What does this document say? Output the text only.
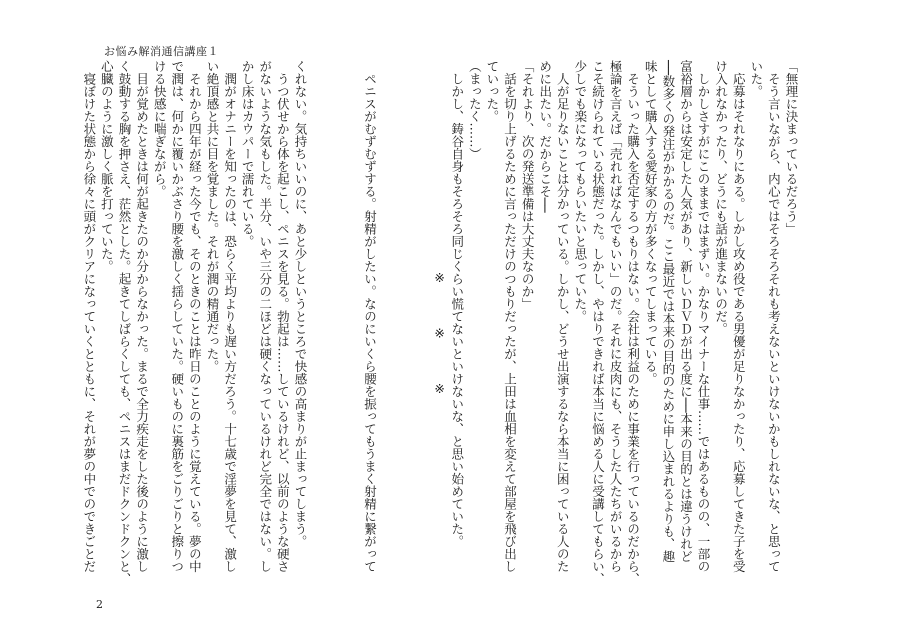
お悩み解消通信講座１

「無理に決まっているだろう」

　そう言いながら、内心ではそろそろそれも考えないといけないかもしれないな、と思って

いた。

　応募はそれなりにある。しかし攻め役である男優が足りなかったり、応募してきた子を受

け入れなかったり、どうにも話が進まないのだ。

　しかしさすがにこのままではまずい。かなりマイナーな仕事……ではあるものの、一部の

富裕層からは安定した人気があり、新しいＤＶＤが出る度に──本来の目的とは違うけれど

──数多くの発注がかかるのだ。ここ最近では本来の目的のために申し込まれるよりも、趣

味として購入する愛好家の方が多くなってしまっている。

　そういった購入を否定するつもりはない。会社は利益のために事業を行っているのだから、

極論を言えば「売れればなんでもいい」のだ。それに皮肉にも、そうした人たちがいるから

こそ続けられている状態だった。しかし、やはりできれば本当に悩める人に受講してもらい、

少しでも楽になってもらいたいと思っていた。

　人が足りないことは分かっている。しかし、どうせ出演するなら本当に困っている人のた

めに出たい。だからこそ──

「それより、次の発送準備は大丈夫なのか」

　話を切り上げるために言っただけのつもりだったが、上田は血相を変えて部屋を飛び出し

ていった。

（まったく……）

　しかし、鋳谷自身もそろそろ同じくらい慌てないといけないな、と思い始めていた。

※　※　※

　ペニスがむずむずする。射精がしたい。なのにいくら腰を振ってもうまく射精に繋がって

くれない。気持ちいいのに、あと少しというところで快感の高まりが止まってしまう。

　うつ伏せから体を起こし、ペニスを見る。勃起は……しているけれど、以前のような硬さ

がないような気もした。半分、いや三分の二ほどは硬くなっているけれど完全ではない。し

かし床はカウパーで濡れている。

　潤がオナニーを知ったのは、恐らく平均よりも遅い方だろう。十七歳で淫夢を見て、激し

い絶頂感と共に目を覚ました。それが潤の精通だった。

　それから四年が経った今でも、そのときのことは昨日のことのように覚えている。夢の中

で潤は、何かに覆いかぶさり腰を激しく揺らしていた。硬いものに裏筋をごりごりと擦りつ

ける快感に喘ぎながら。

　目が覚めたときは何が起きたのか分からなかった。まるで全力疾走をした後のように激し

く鼓動する胸を押さえ、茫然とした。起きてしばらくしても、ペニスはまだドクンドクンと、

心臓のように激しく脈を打っていた。

　寝ぼけた状態から徐々に頭がクリアになっていくとともに、それが夢の中でのできごとだ

2
